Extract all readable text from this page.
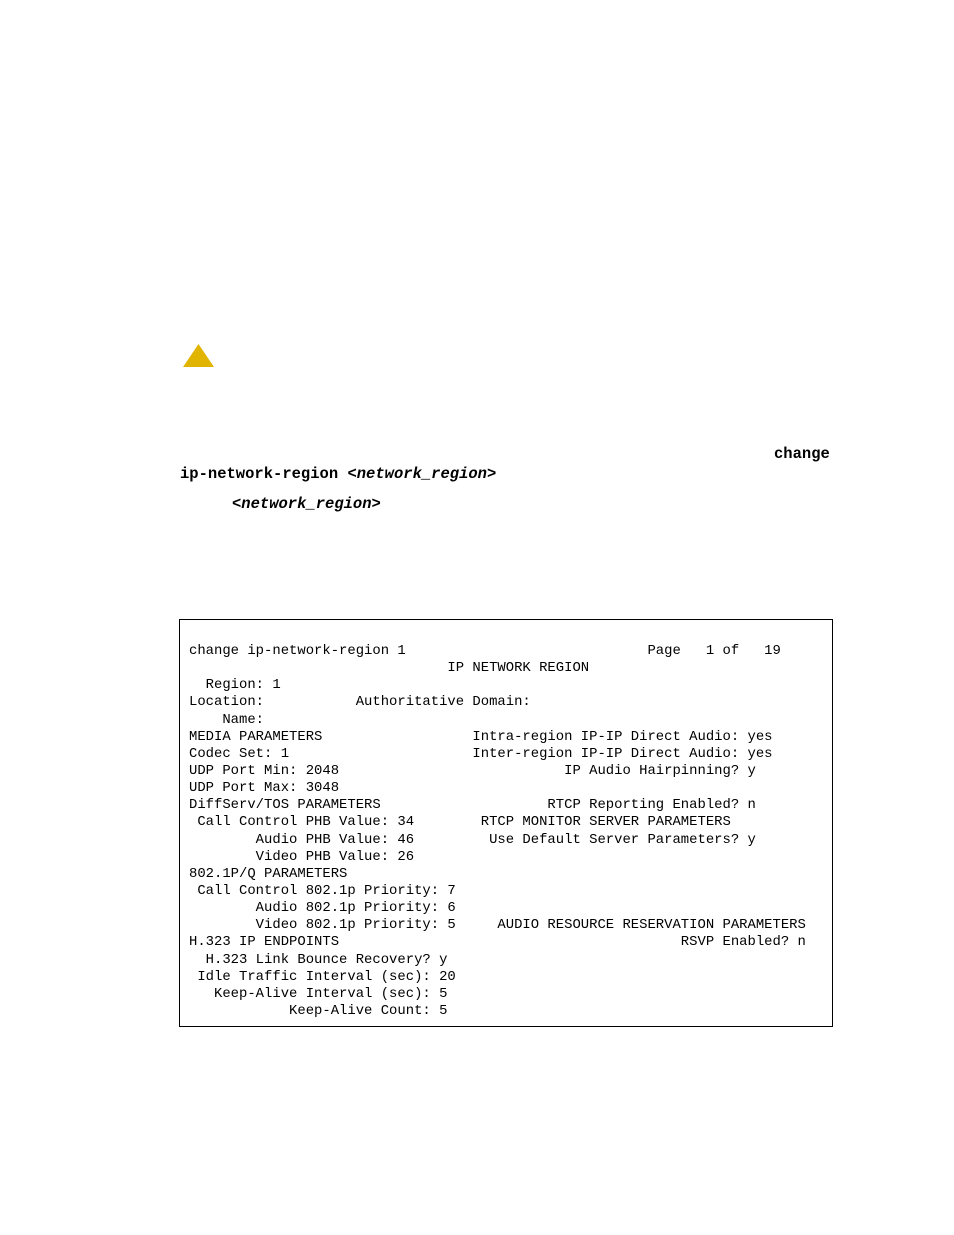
change
ip-network-region <network_region>
<network_region>
change ip-network-region 1                             Page   1 of   19
IP NETWORK REGION
Region: 1
Location:           Authoritative Domain:
Name:
MEDIA PARAMETERS                  Intra-region IP-IP Direct Audio: yes
Codec Set: 1                      Inter-region IP-IP Direct Audio: yes
UDP Port Min: 2048                           IP Audio Hairpinning? y
UDP Port Max: 3048
DiffServ/TOS PARAMETERS                    RTCP Reporting Enabled? n
Call Control PHB Value: 34        RTCP MONITOR SERVER PARAMETERS
Audio PHB Value: 46         Use Default Server Parameters? y
Video PHB Value: 26
802.1P/Q PARAMETERS
Call Control 802.1p Priority: 7
Audio 802.1p Priority: 6
Video 802.1p Priority: 5     AUDIO RESOURCE RESERVATION PARAMETERS
H.323 IP ENDPOINTS                                         RSVP Enabled? n
H.323 Link Bounce Recovery? y
Idle Traffic Interval (sec): 20
Keep-Alive Interval (sec): 5
Keep-Alive Count: 5
